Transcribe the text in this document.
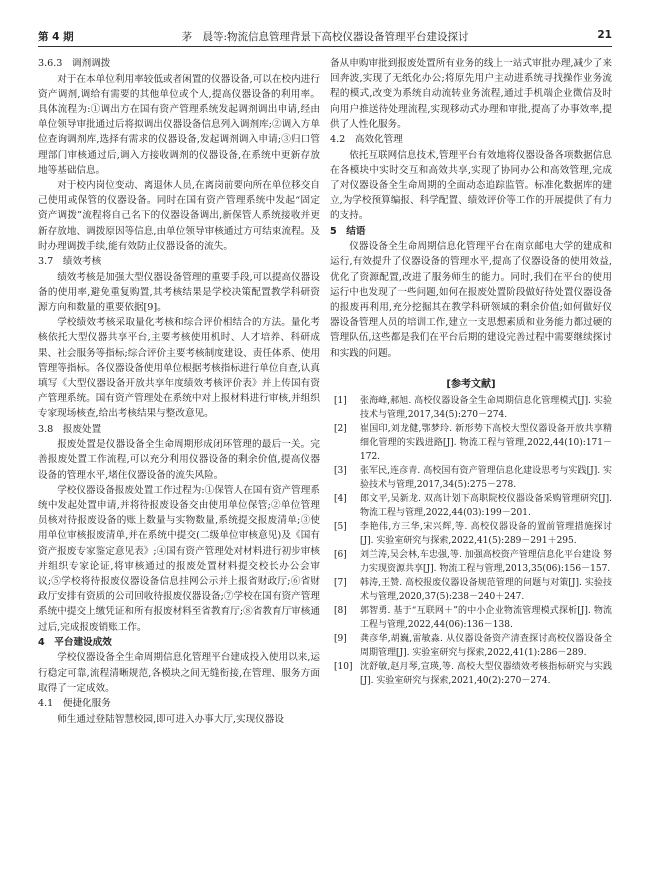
第 4 期	茅　晨等:物流信息管理背景下高校仪器设备管理平台建设探讨	21
3.6.3　调剂调拨

对于在本单位利用率较低或者闲置的仪器设备,可以在校内进行资产调剂,调给有需要的其他单位或个人,提高仪器设备的利用率。具体流程为:①调出方在国有资产管理系统发起调剂调出申请,经由单位领导审批通过后将拟调出仪器设备信息列入调剂库;②调入方单位查询调剂库,选择有需求的仪器设备,发起调剂调入申请;③归口管理部门审核通过后,调入方接收调剂的仪器设备,在系统中更新存放地等基础信息。

对于校内岗位变动、离退休人员,在离岗前要向所在单位移交自己使用或保管的仪器设备。同时在国有资产管理系统中发起“固定资产调拨”流程将自己名下的仪器设备调出,新保管人系统接收并更新存放地、调拨原因等信息,由单位领导审核通过方可结束流程。及时办理调拨手续,能有效防止仪器设备的流失。

3.7　绩效考核

绩效考核是加强大型仪器设备管理的重要手段,可以提高仪器设备的使用率,避免重复购置,其考核结果是学校决策配置教学科研资源方向和数量的重要依据[9]。

学校绩效考核采取量化考核和综合评价相结合的方法。量化考核依托大型仪器共享平台,主要考核使用机时、人才培养、科研成果、社会服务等指标;综合评价主要考核制度建设、责任体系、使用管理等指标。各仪器设备使用单位根据考核指标进行单位自查,认真填写《大型仪器设备开放共享年度绩效考核评价表》并上传国有资产管理系统。国有资产管理处在系统中对上报材料进行审核,并组织专家现场核查,给出考核结果与整改意见。

3.8　报废处置

报废处置是仪器设备全生命周期形成闭环管理的最后一关。完善报废处置工作流程,可以充分利用仪器设备的剩余价值,提高仪器设备的管理水平,堵住仪器设备的流失风险。

学校仪器设备报废处置工作过程为:①保管人在国有资产管理系统中发起处置申请,并将待报废设备交由使用单位保管;②单位管理员核对待报废设备的账上数量与实物数量,系统提交报废清单;③使用单位审核报废清单,并在系统中提交(二级单位审核意见)及《国有资产报废专家鉴定意见表》;④国有资产管理处对材料进行初步审核并组织专家论证,将审核通过的报废处置材料提交校长办公会审议;⑤学校将待报废仪器设备信息挂网公示并上报省财政厅;⑥省财政厅安排有资质的公司回收待报废仪器设备;⑦学校在国有资产管理系统中提交上缴凭证和所有报废材料至省教育厅;⑧省教育厅审核通过后,完成报废销账工作。

4　平台建设成效

学校仪器设备全生命周期信息化管理平台建成投入使用以来,运行稳定可靠,流程清晰规范,各模块之间无缝衔接,在管理、服务方面取得了一定成效。

4.1　便捷化服务

师生通过登陆智慧校园,即可进入办事大厅,实现仪器设

备从申购审批到报废处置所有业务的线上一站式审批办理,减少了来回奔波,实现了无纸化办公;将原先用户主动进系统寻找操作业务流程的模式,改变为系统自动流转业务流程,通过手机端企业微信及时向用户推送待处理流程,实现移动式办理和审批,提高了办事效率,提供了人性化服务。

4.2　高效化管理

依托互联网信息技术,管理平台有效地将仪器设备各项数据信息在各模块中实时交互和高效共享,实现了协同办公和高效管理,完成了对仪器设备全生命周期的全面动态追踪监管。标准化数据库的建立,为学校预算编报、科学配置、绩效评价等工作的开展提供了有力的支持。

5　结语

仪器设备全生命周期信息化管理平台在南京邮电大学的建成和运行,有效提升了仪器设备的管理水平,提高了仪器设备的使用效益,优化了资源配置,改进了服务师生的能力。同时,我们在平台的使用运行中也发现了一些问题,如何在报废处置阶段做好待处置仪器设备的报废再利用,充分挖掘其在教学科研领域的剩余价值;如何做好仪器设备管理人员的培训工作,建立一支思想素质和业务能力都过硬的管理队伍,这些都是我们在平台后期的建设完善过程中需要继续探讨和实践的问题。

[参考文献]
[1] 张海峰,郝旭. 高校仪器设备全生命周期信息化管理模式[J]. 实验技术与管理,2017,34(5):270－274.
[2] 崔国印,刘龙健,鄂梦玲. 新形势下高校大型仪器设备开放共享精细化管理的实践进路[J]. 物流工程与管理,2022,44(10):171－172.
[3] 张军民,连彦青. 高校国有资产管理信息化建设思考与实践[J]. 实验技术与管理,2017,34(5):275－278.
[4] 郎文平,吴新龙. 双高计划下高职院校仪器设备采购管理研究[J]. 物流工程与管理,2022,44(03):199－201.
[5] 李艳伟,方三华,宋兴辉,等. 高校仪器设备的置前管理措施探讨[J]. 实验室研究与探索,2022,41(5):289－291＋295.
[6] 刘兰涛,吴会林,车忠强,等. 加强高校资产管理信息化平台建设 努力实现资源共享[J]. 物流工程与管理,2013,35(06):156－157.
[7] 韩涛,王赞. 高校报废仪器设备规范管理的问题与对策[J]. 实验技术与管理,2020,37(5):238－240＋247.
[8] 郭智勇. 基于“互联网＋”的中小企业物流管理模式探析[J]. 物流工程与管理,2022,44(06):136－138.
[9] 龚彦华,胡巍,雷敏淼. 从仪器设备资产清查探讨高校仪器设备全周期管理[J]. 实验室研究与探索,2022,41(1):286－289.
[10] 沈舒敏,赵月琴,宣瑛,等. 高校大型仪器绩效考核指标研究与实践[J]. 实验室研究与探索,2021,40(2):270－274.
